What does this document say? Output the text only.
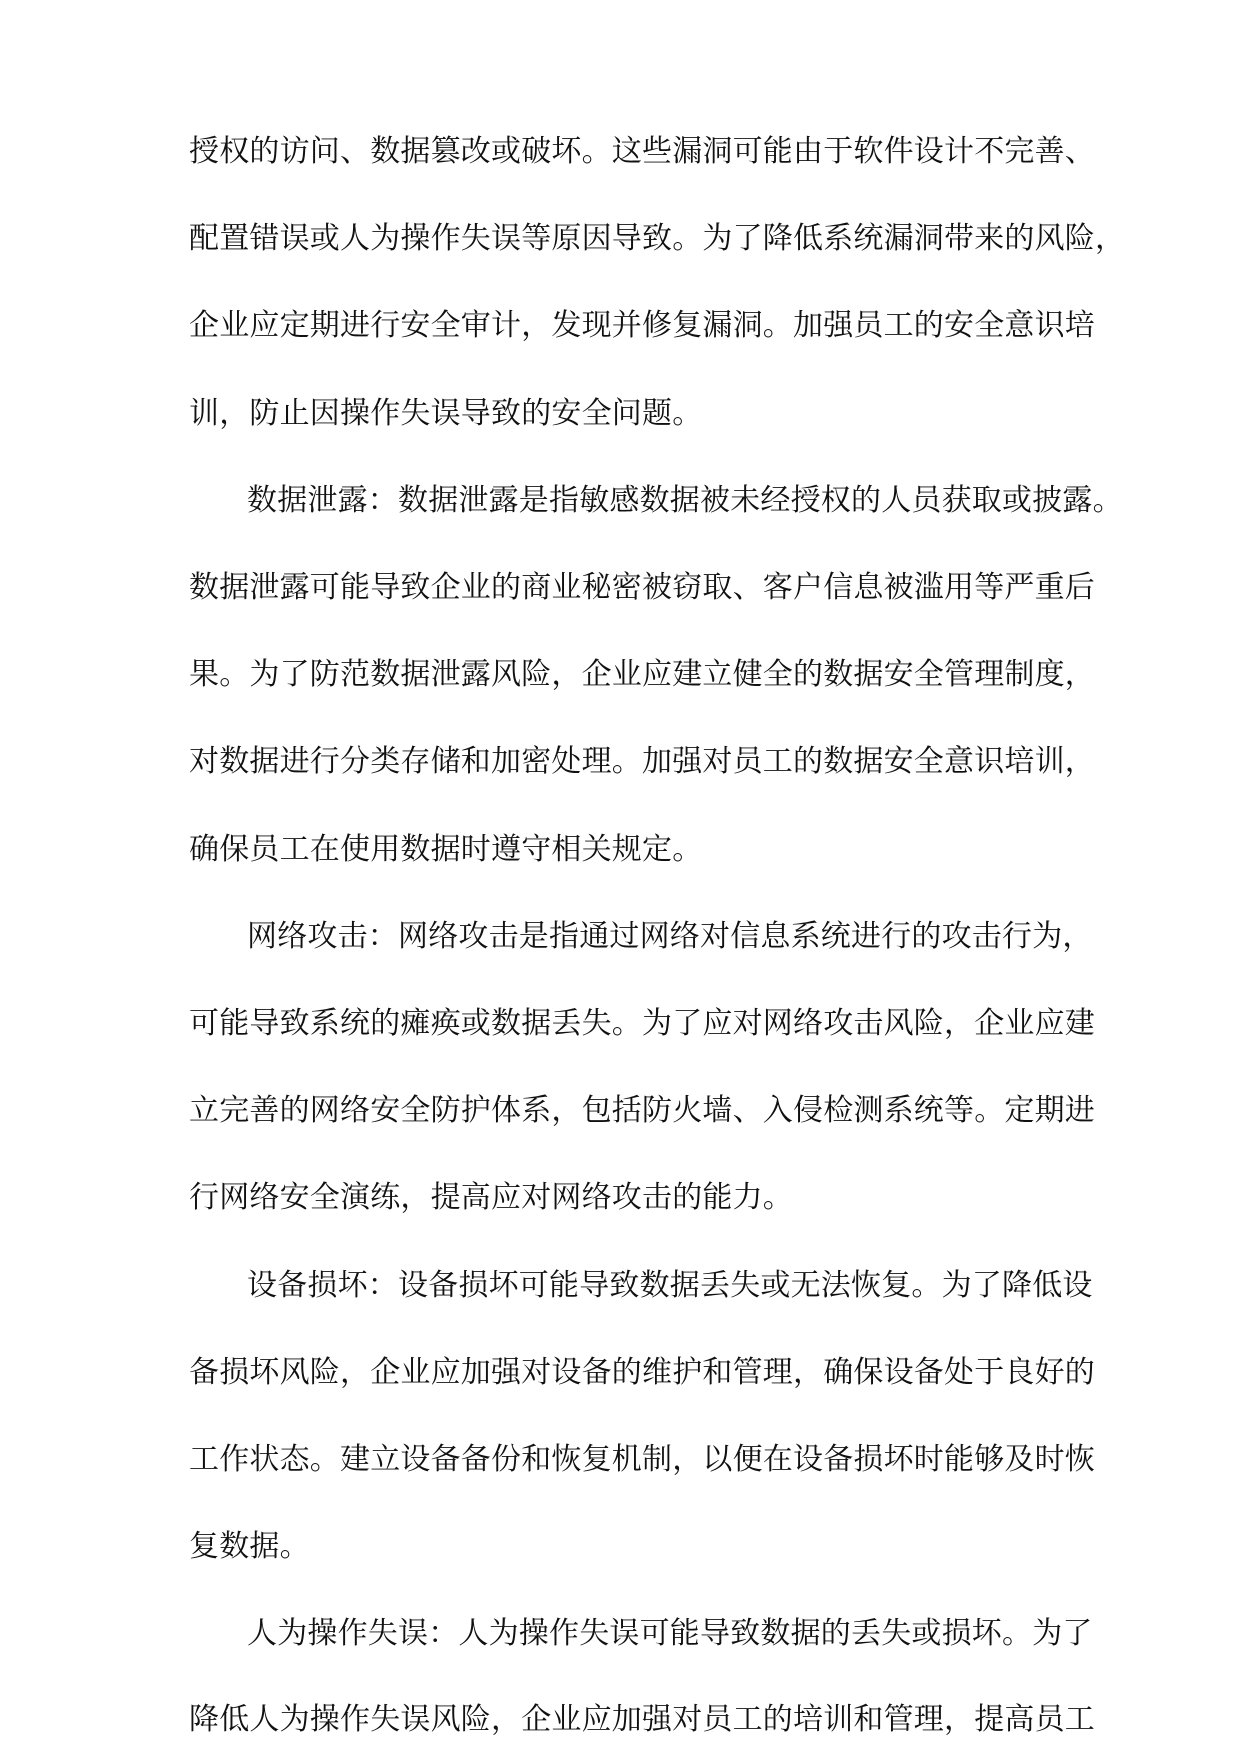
授权的访问、数据篡改或破坏。这些漏洞可能由于软件设计不完善、
配置错误或人为操作失误等原因导致。为了降低系统漏洞带来的风险，
企业应定期进行安全审计，发现并修复漏洞。加强员工的安全意识培
训，防止因操作失误导致的安全问题。
数据泄露：数据泄露是指敏感数据被未经授权的人员获取或披露。
数据泄露可能导致企业的商业秘密被窃取、客户信息被滥用等严重后
果。为了防范数据泄露风险，企业应建立健全的数据安全管理制度，
对数据进行分类存储和加密处理。加强对员工的数据安全意识培训，
确保员工在使用数据时遵守相关规定。
网络攻击：网络攻击是指通过网络对信息系统进行的攻击行为，
可能导致系统的瘫痪或数据丢失。为了应对网络攻击风险，企业应建
立完善的网络安全防护体系，包括防火墙、入侵检测系统等。定期进
行网络安全演练，提高应对网络攻击的能力。
设备损坏：设备损坏可能导致数据丢失或无法恢复。为了降低设
备损坏风险，企业应加强对设备的维护和管理，确保设备处于良好的
工作状态。建立设备备份和恢复机制，以便在设备损坏时能够及时恢
复数据。
人为操作失误：人为操作失误可能导致数据的丢失或损坏。为了
降低人为操作失误风险，企业应加强对员工的培训和管理，提高员工
